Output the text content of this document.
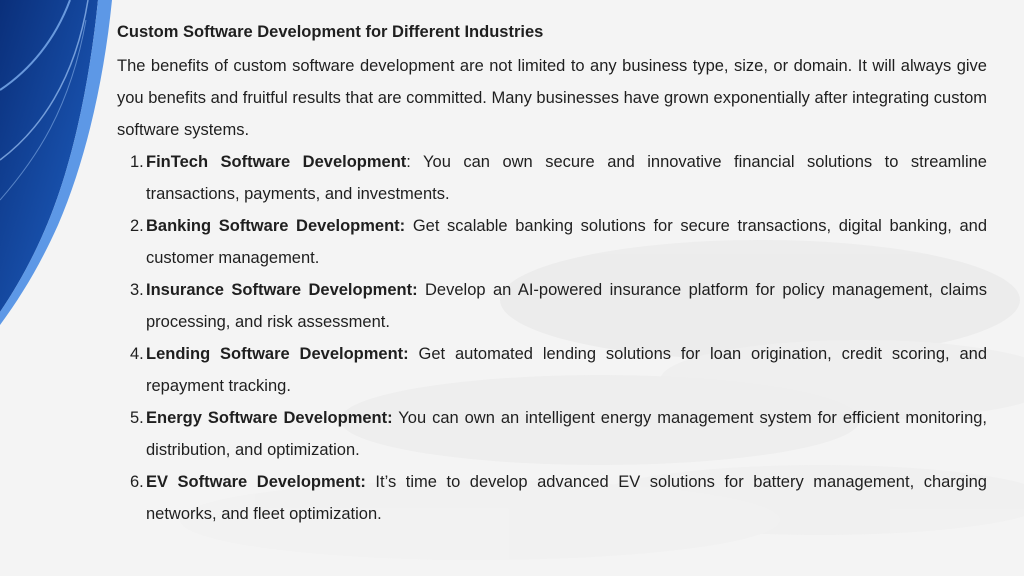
Custom Software Development for Different Industries

The benefits of custom software development are not limited to any business type, size, or domain. It will always give you benefits and fruitful results that are committed. Many businesses have grown exponentially after integrating custom software systems.

1. FinTech Software Development: You can own secure and innovative financial solutions to streamline transactions, payments, and investments.
2. Banking Software Development: Get scalable banking solutions for secure transactions, digital banking, and customer management.
3. Insurance Software Development: Develop an AI-powered insurance platform for policy management, claims processing, and risk assessment.
4. Lending Software Development: Get automated lending solutions for loan origination, credit scoring, and repayment tracking.
5. Energy Software Development: You can own an intelligent energy management system for efficient monitoring, distribution, and optimization.
6. EV Software Development: It’s time to develop advanced EV solutions for battery management, charging networks, and fleet optimization.
